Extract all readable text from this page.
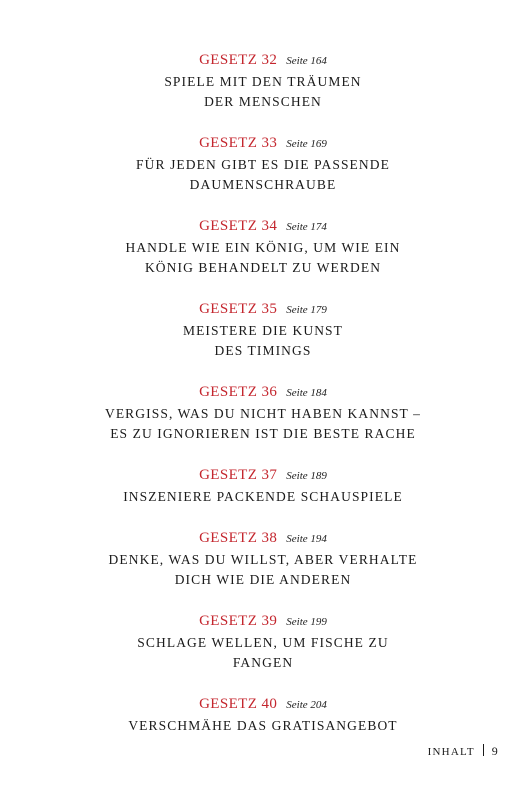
GESETZ 32 Seite 164
SPIELE MIT DEN TRÄUMEN
DER MENSCHEN
GESETZ 33 Seite 169
FÜR JEDEN GIBT ES DIE PASSENDE
DAUMENSCHRAUBE
GESETZ 34 Seite 174
HANDLE WIE EIN KÖNIG, UM WIE EIN
KÖNIG BEHANDELT ZU WERDEN
GESETZ 35 Seite 179
MEISTERE DIE KUNST
DES TIMINGS
GESETZ 36 Seite 184
VERGISS, WAS DU NICHT HABEN KANNST –
ES ZU IGNORIEREN IST DIE BESTE RACHE
GESETZ 37 Seite 189
INSZENIERE PACKENDE SCHAUSPIELE
GESETZ 38 Seite 194
DENKE, WAS DU WILLST, ABER VERHALTE
DICH WIE DIE ANDEREN
GESETZ 39 Seite 199
SCHLAGE WELLEN, UM FISCHE ZU
FANGEN
GESETZ 40 Seite 204
VERSCHMÄHE DAS GRATISANGEBOT
INHALT 9
